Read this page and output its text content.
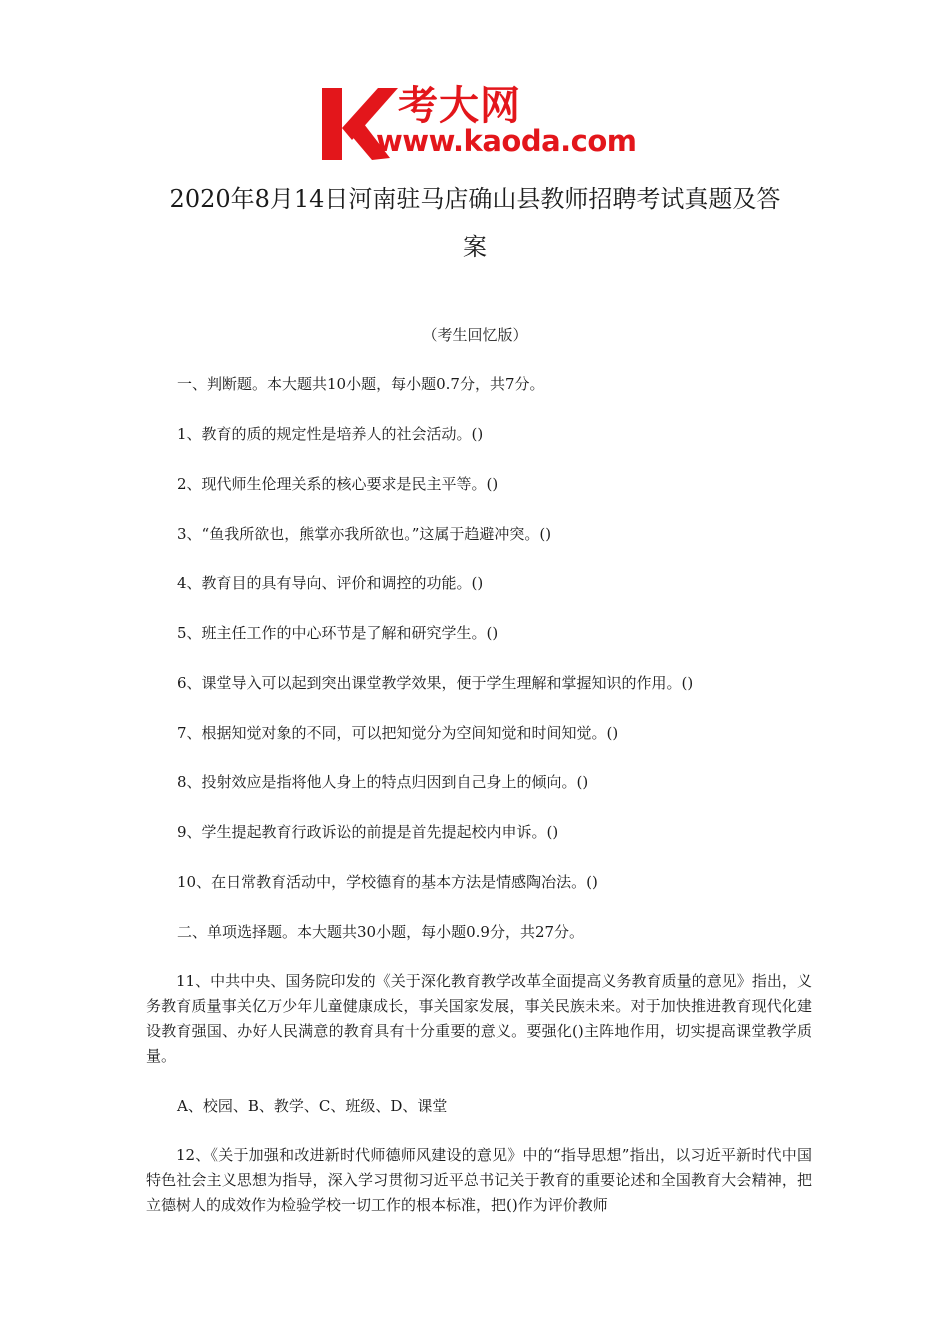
考大网
www.kaoda.com
2020年8月14日河南驻马店确山县教师招聘考试真题及答
案
（考生回忆版）
一、判断题。本大题共10小题，每小题0.7分，共7分。
1、教育的质的规定性是培养人的社会活动。()
2、现代师生伦理关系的核心要求是民主平等。()
3、“鱼我所欲也，熊掌亦我所欲也。”这属于趋避冲突。()
4、教育目的具有导向、评价和调控的功能。()
5、班主任工作的中心环节是了解和研究学生。()
6、课堂导入可以起到突出课堂教学效果，便于学生理解和掌握知识的作用。()
7、根据知觉对象的不同，可以把知觉分为空间知觉和时间知觉。()
8、投射效应是指将他人身上的特点归因到自己身上的倾向。()
9、学生提起教育行政诉讼的前提是首先提起校内申诉。()
10、在日常教育活动中，学校德育的基本方法是情感陶冶法。()
二、单项选择题。本大题共30小题，每小题0.9分，共27分。
11、中共中央、国务院印发的《关于深化教育教学改革全面提高义务教育质量的意见》指出，义务教育质量事关亿万少年儿童健康成长，事关国家发展，事关民族未来。对于加快推进教育现代化建设教育强国、办好人民满意的教育具有十分重要的意义。要强化()主阵地作用，切实提高课堂教学质量。
A、校园、B、教学、C、班级、D、课堂
12、《关于加强和改进新时代师德师风建设的意见》中的“指导思想”指出，以习近平新时代中国特色社会主义思想为指导，深入学习贯彻习近平总书记关于教育的重要论述和全国教育大会精神，把立德树人的成效作为检验学校一切工作的根本标准，把()作为评价教师
